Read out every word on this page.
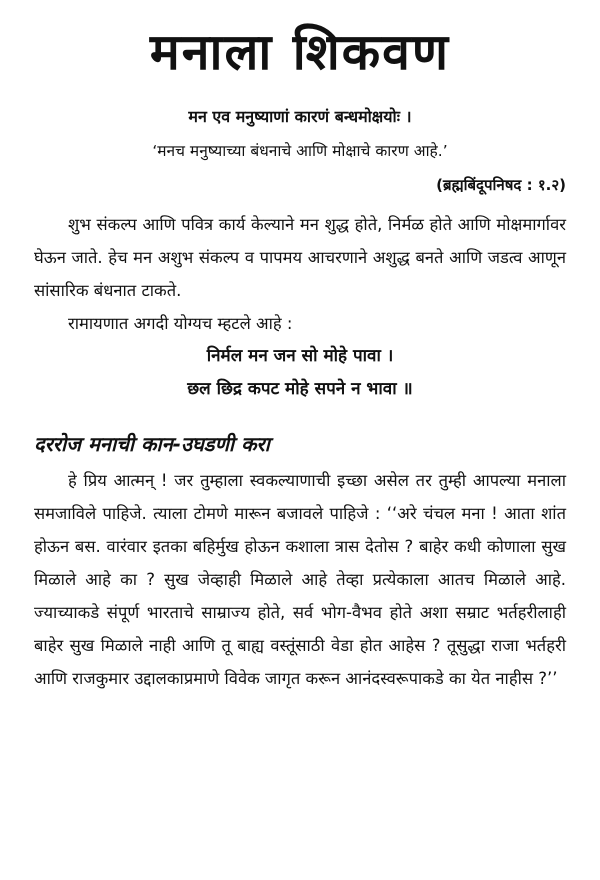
मनाला शिकवण

मन एव मनुष्याणां कारणं बन्धमोक्षयोः ।

‘मनच मनुष्याच्या बंधनाचे आणि मोक्षाचे कारण आहे.’

(ब्रह्मबिंदूपनिषद : १.२)

शुभ संकल्प आणि पवित्र कार्य केल्याने मन शुद्ध होते, निर्मळ होते आणि मोक्षमार्गावर घेऊन जाते. हेच मन अशुभ संकल्प व पापमय आचरणाने अशुद्ध बनते आणि जडत्व आणून सांसारिक बंधनात टाकते.

रामायणात अगदी योग्यच म्हटले आहे :

निर्मल मन जन सो मोहे पावा ।

छल छिद्र कपट मोहे सपने न भावा ॥

दररोज मनाची कान-उघडणी करा

हे प्रिय आत्मन् ! जर तुम्हाला स्वकल्याणाची इच्छा असेल तर तुम्ही आपल्या मनाला समजाविले पाहिजे. त्याला टोमणे मारून बजावले पाहिजे : ‘‘अरे चंचल मना ! आता शांत होऊन बस. वारंवार इतका बहिर्मुख होऊन कशाला त्रास देतोस ? बाहेर कधी कोणाला सुख मिळाले आहे का ? सुख जेव्हाही मिळाले आहे तेव्हा प्रत्येकाला आतच मिळाले आहे. ज्याच्याकडे संपूर्ण भारताचे साम्राज्य होते, सर्व भोग-वैभव होते अशा सम्राट भर्तहरीलाही बाहेर सुख मिळाले नाही आणि तू बाह्य वस्तूंसाठी वेडा होत आहेस ? तूसुद्धा राजा भर्तहरी आणि राजकुमार उद्दालकाप्रमाणे विवेक जागृत करून आनंदस्वरूपाकडे का येत नाहीस ?’’
